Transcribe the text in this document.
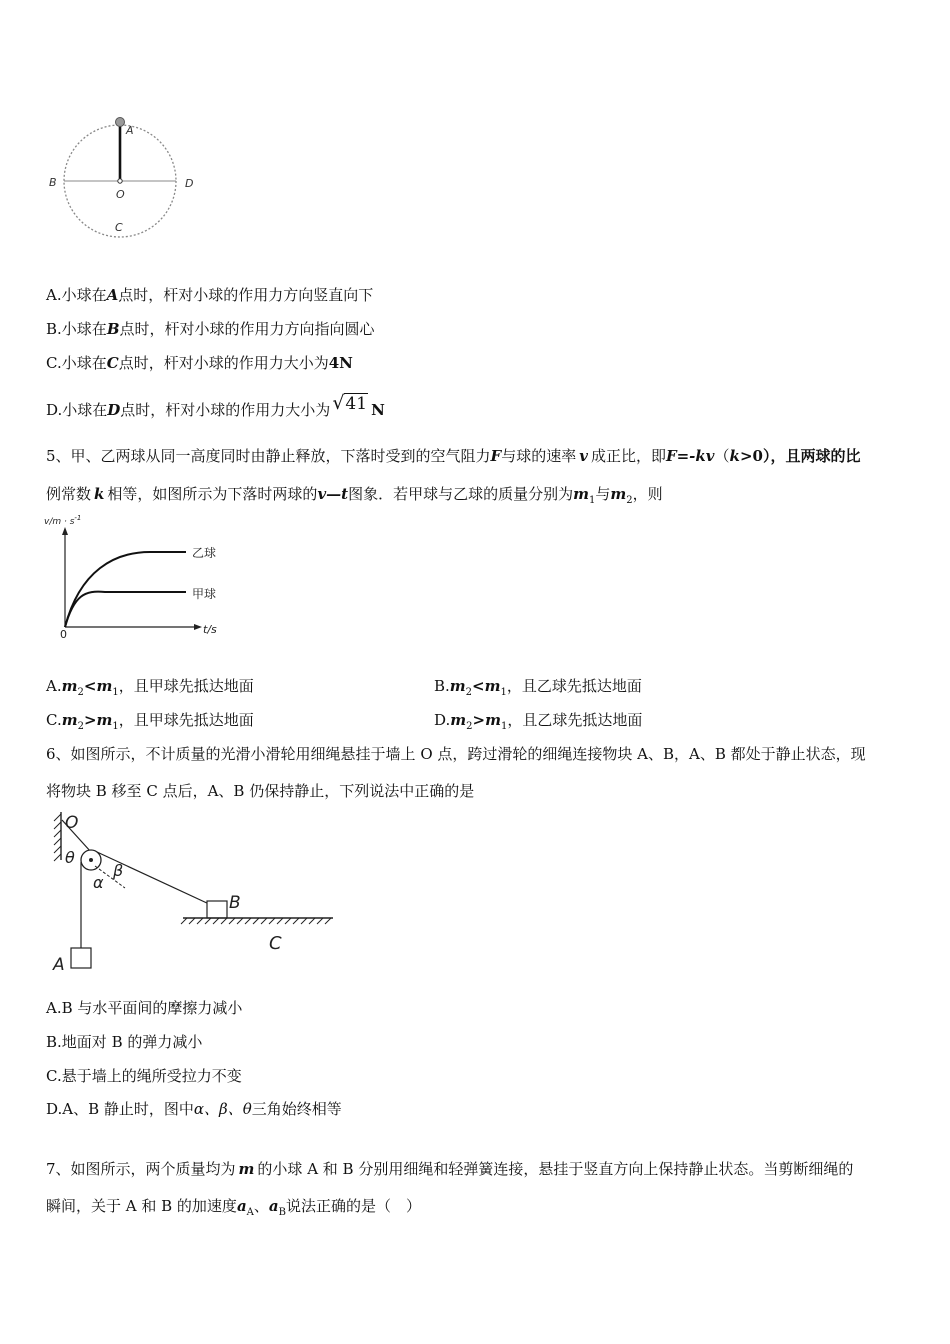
A
O
B	D
C
A.小球在A点时，杆对小球的作用力方向竖直向下
B.小球在B点时，杆对小球的作用力方向指向圆心
C.小球在C点时，杆对小球的作用力大小为4N
D.小球在D点时，杆对小球的作用力大小为 √41 N
5、甲、乙两球从同一高度同时由静止释放，下落时受到的空气阻力F与球的速率 v 成正比，即F=-kv（k>0），且两球的比
例常数 k 相等，如图所示为下落时两球的v—t图象．若甲球与乙球的质量分别为$m_1$与$m_2$，则
$v/m \cdot s^{-1}$
t/s
0
乙球
甲球
$A.m_2<m_1$，且甲球先抵达地面	$B.m_2<m_1$，且乙球先抵达地面
$C.m_2>m_1$，且甲球先抵达地面	$D.m_2>m_1$，且乙球先抵达地面
6、如图所示，不计质量的光滑小滑轮用细绳悬挂于墙上 O 点，跨过滑轮的细绳连接物块 A、B，A、B 都处于静止状态，现
将物块 B 移至 C 点后，A、B 仍保持静止，下列说法中正确的是
O
θ
α
β
A
B
C
A.B 与水平面间的摩擦力减小
B.地面对 B 的弹力减小
C.悬于墙上的绳所受拉力不变
D.A、B 静止时，图中α、β、θ三角始终相等
7、如图所示，两个质量均为 m 的小球 A 和 B 分别用细绳和轻弹簧连接，悬挂于竖直方向上保持静止状态。当剪断细绳的
瞬间，关于 A 和 B 的加速度$a_A$、$a_B$说法正确的是（　）
